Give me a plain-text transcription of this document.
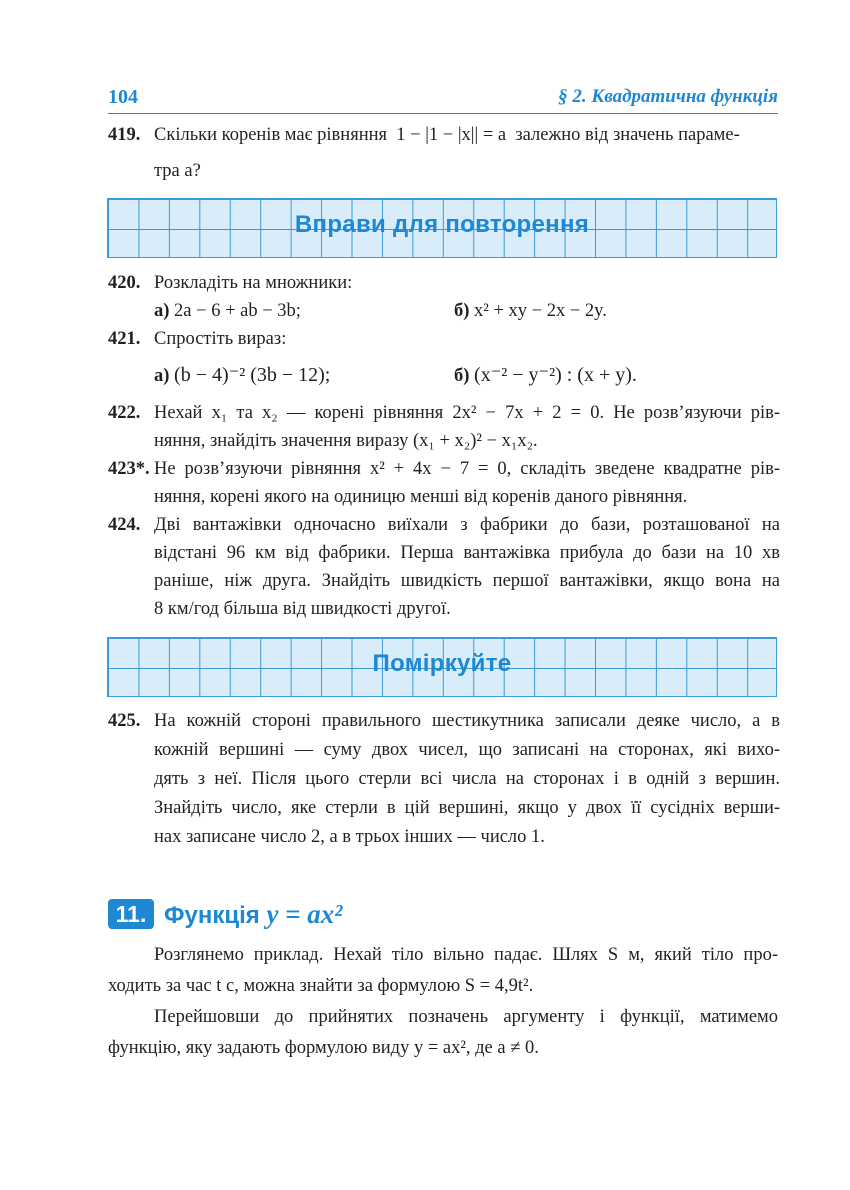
104	§ 2. Квадратична функція
419. Скільки коренів має рівняння 1 − |1 − |x|| = a залежно від значень параме-
тра a?
Вправи для повторення
420. Розкладіть на множники:
а) 2a − 6 + ab − 3b;	б) x² + xy − 2x − 2y.
421. Спростіть вираз:
а) (b − 4)⁻² (3b − 12);	б) (x⁻² − y⁻²) : (x + y).
422. Нехай x₁ та x₂ — корені рівняння 2x² − 7x + 2 = 0. Не розв’язуючи рів-
няння, знайдіть значення виразу (x₁ + x₂)² − x₁x₂.
423*. Не розв’язуючи рівняння x² + 4x − 7 = 0, складіть зведене квадратне рів-
няння, корені якого на одиницю менші від коренів даного рівняння.
424. Дві вантажівки одночасно виїхали з фабрики до бази, розташованої на
відстані 96 км від фабрики. Перша вантажівка прибула до бази на 10 хв
раніше, ніж друга. Знайдіть швидкість першої вантажівки, якщо вона на
8 км/год більша від швидкості другої.
Поміркуйте
425. На кожній стороні правильного шестикутника записали деяке число, а в
кожній вершині — суму двох чисел, що записані на сторонах, які вихо-
дять з неї. Після цього стерли всі числа на сторонах і в одній з вершин.
Знайдіть число, яке стерли в цій вершині, якщо у двох її сусідніх верши-
нах записане число 2, а в трьох інших — число 1.
11. Функція y = ax²
Розглянемо приклад. Нехай тіло вільно падає. Шлях S м, який тіло про-
ходить за час t с, можна знайти за формулою S = 4,9t².
Перейшовши до прийнятих позначень аргументу і функції, матимемо
функцію, яку задають формулою виду y = ax², де a ≠ 0.
